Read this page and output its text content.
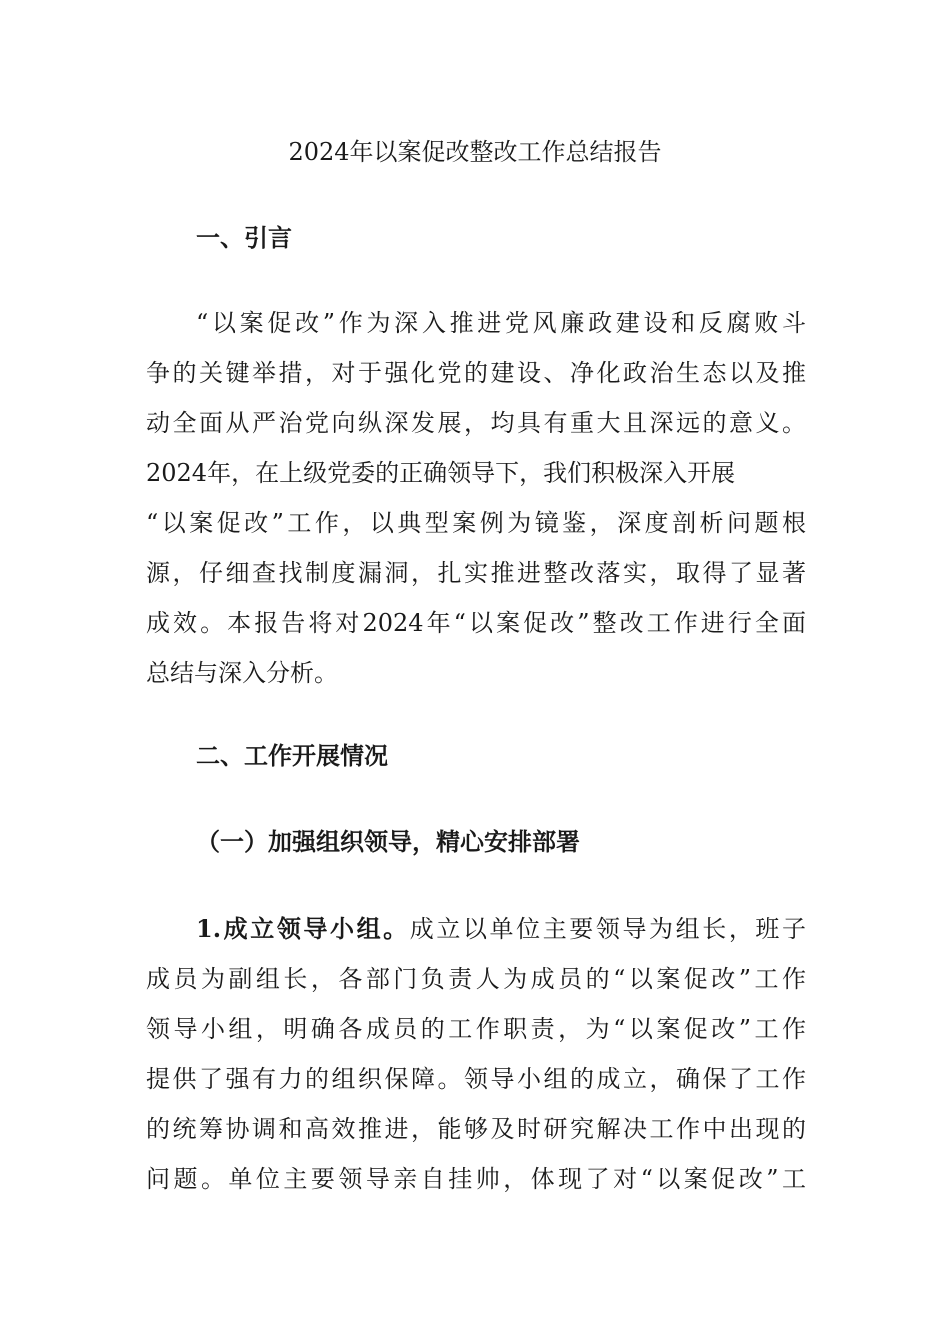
2024年以案促改整改工作总结报告
一、引言
“以案促改”作为深入推进党风廉政建设和反腐败斗
争的关键举措，对于强化党的建设、净化政治生态以及推
动全面从严治党向纵深发展，均具有重大且深远的意义。
2024年，在上级党委的正确领导下，我们积极深入开展
“以案促改”工作，以典型案例为镜鉴，深度剖析问题根
源，仔细查找制度漏洞，扎实推进整改落实，取得了显著
成效。本报告将对2024年“以案促改”整改工作进行全面
总结与深入分析。
二、工作开展情况
（一）加强组织领导，精心安排部署
1.成立领导小组。成立以单位主要领导为组长，班子
成员为副组长，各部门负责人为成员的“以案促改”工作
领导小组，明确各成员的工作职责，为“以案促改”工作
提供了强有力的组织保障。领导小组的成立，确保了工作
的统筹协调和高效推进，能够及时研究解决工作中出现的
问题。单位主要领导亲自挂帅，体现了对“以案促改”工
